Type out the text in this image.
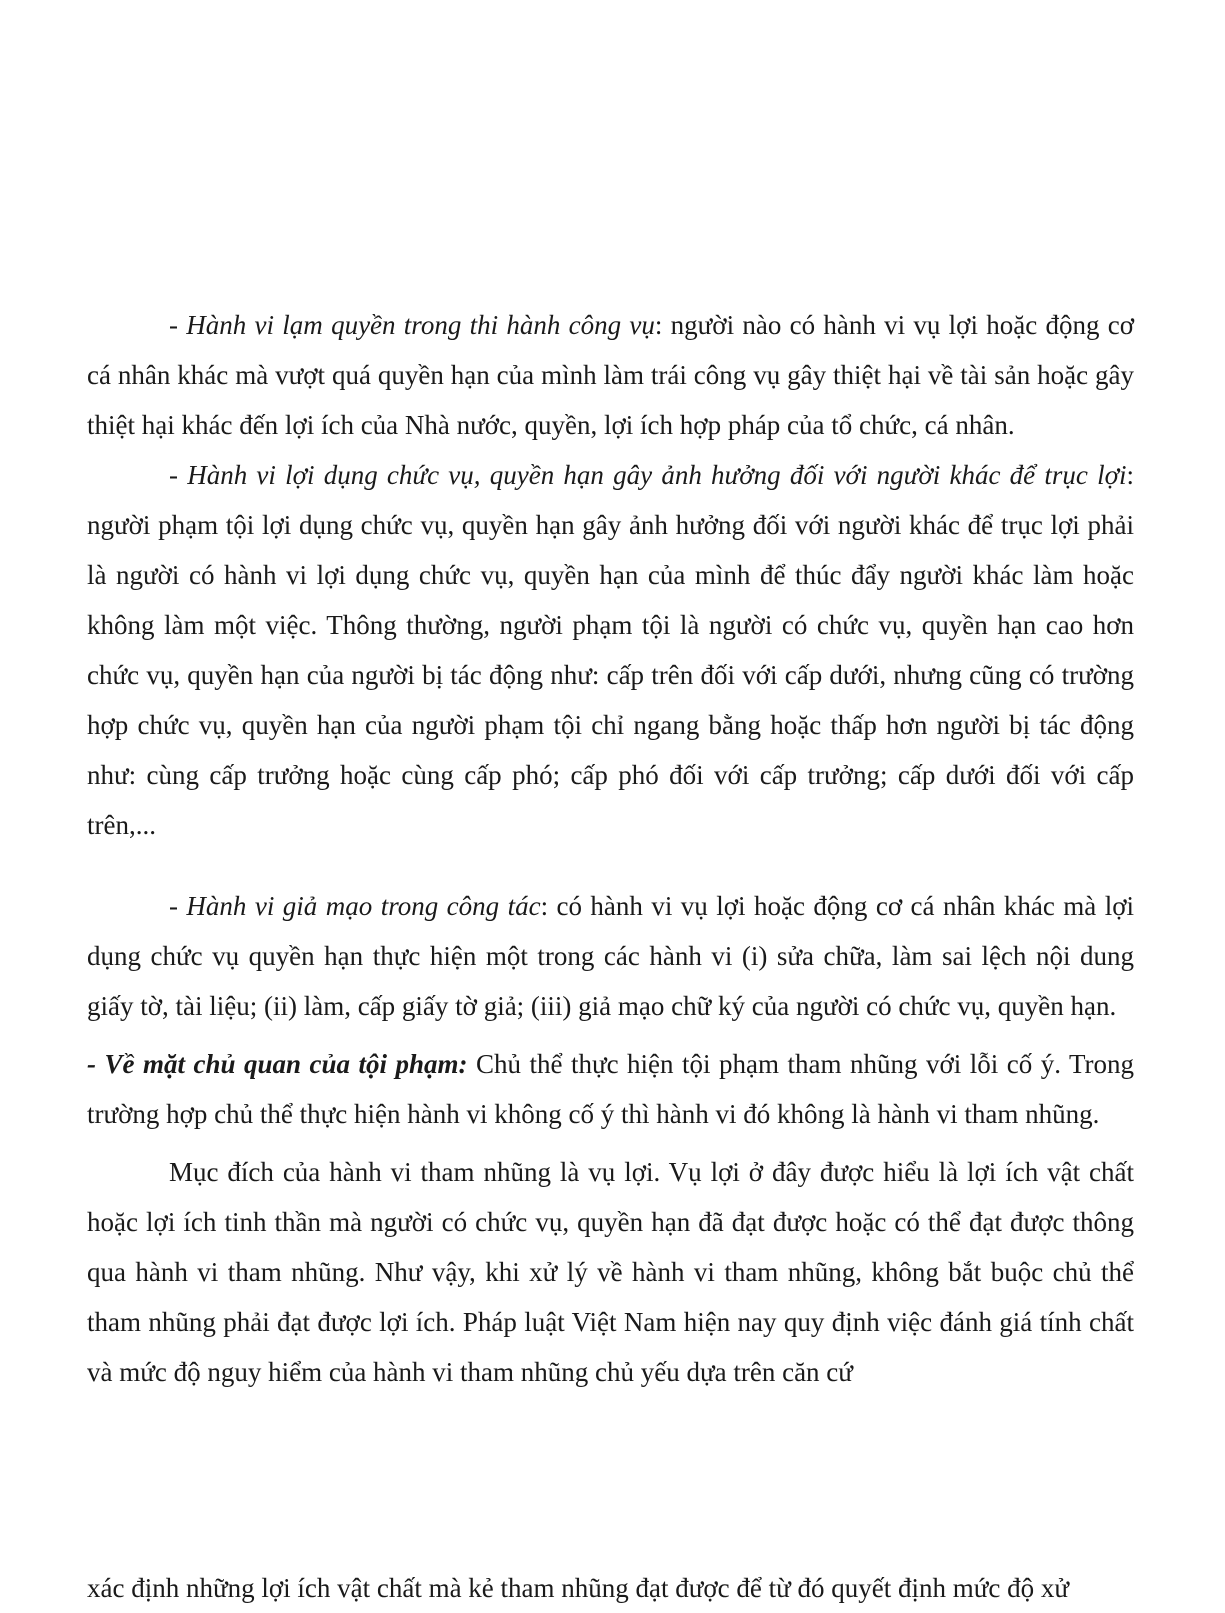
- Hành vi lạm quyền trong thi hành công vụ: người nào có hành vi vụ lợi hoặc động cơ cá nhân khác mà vượt quá quyền hạn của mình làm trái công vụ gây thiệt hại về tài sản hoặc gây thiệt hại khác đến lợi ích của Nhà nước, quyền, lợi ích hợp pháp của tổ chức, cá nhân.

- Hành vi lợi dụng chức vụ, quyền hạn gây ảnh hưởng đối với người khác để trục lợi: người phạm tội lợi dụng chức vụ, quyền hạn gây ảnh hưởng đối với người khác để trục lợi phải là người có hành vi lợi dụng chức vụ, quyền hạn của mình để thúc đẩy người khác làm hoặc không làm một việc. Thông thường, người phạm tội là người có chức vụ, quyền hạn cao hơn chức vụ, quyền hạn của người bị tác động như: cấp trên đối với cấp dưới, nhưng cũng có trường hợp chức vụ, quyền hạn của người phạm tội chỉ ngang bằng hoặc thấp hơn người bị tác động như: cùng cấp trưởng hoặc cùng cấp phó; cấp phó đối với cấp trưởng; cấp dưới đối với cấp trên,...

- Hành vi giả mạo trong công tác: có hành vi vụ lợi hoặc động cơ cá nhân khác mà lợi dụng chức vụ quyền hạn thực hiện một trong các hành vi (i) sửa chữa, làm sai lệch nội dung giấy tờ, tài liệu; (ii) làm, cấp giấy tờ giả; (iii) giả mạo chữ ký của người có chức vụ, quyền hạn.

- Về mặt chủ quan của tội phạm: Chủ thể thực hiện tội phạm tham nhũng với lỗi cố ý. Trong trường hợp chủ thể thực hiện hành vi không cố ý thì hành vi đó không là hành vi tham nhũng.

Mục đích của hành vi tham nhũng là vụ lợi. Vụ lợi ở đây được hiểu là lợi ích vật chất hoặc lợi ích tinh thần mà người có chức vụ, quyền hạn đã đạt được hoặc có thể đạt được thông qua hành vi tham nhũng. Như vậy, khi xử lý về hành vi tham nhũng, không bắt buộc chủ thể tham nhũng phải đạt được lợi ích. Pháp luật Việt Nam hiện nay quy định việc đánh giá tính chất và mức độ nguy hiểm của hành vi tham nhũng chủ yếu dựa trên căn cứ

xác định những lợi ích vật chất mà kẻ tham nhũng đạt được để từ đó quyết định mức độ xử
